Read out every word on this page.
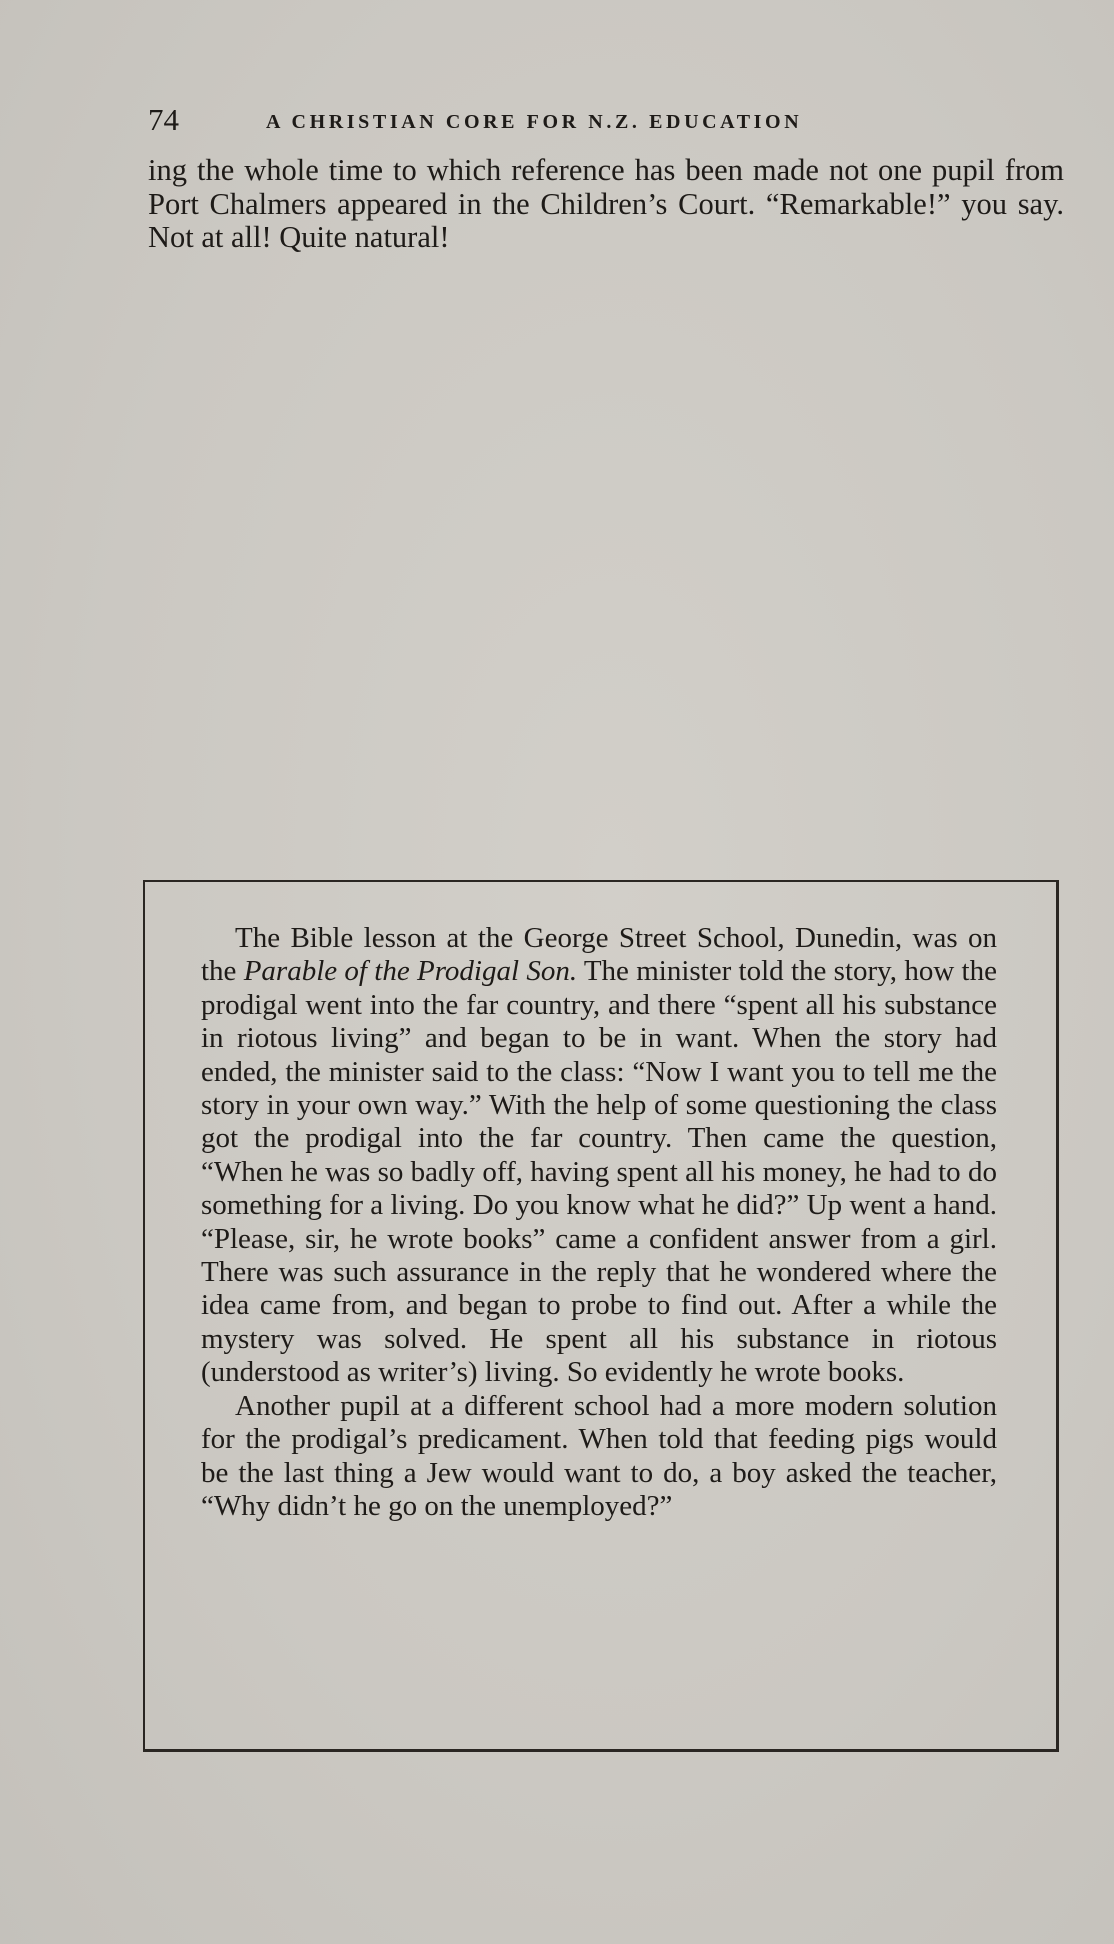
74	A CHRISTIAN CORE FOR N.Z. EDUCATION

ing the whole time to which reference has been made not one pupil from Port Chalmers appeared in the Children’s Court. “Remarkable!” you say. Not at all! Quite natural!

The Bible lesson at the George Street School, Dunedin, was on the Parable of the Prodigal Son. The minister told the story, how the prodigal went into the far country, and there “spent all his substance in riotous living” and began to be in want. When the story had ended, the minister said to the class: “Now I want you to tell me the story in your own way.” With the help of some questioning the class got the prodigal into the far country. Then came the question, “When he was so badly off, having spent all his money, he had to do something for a living. Do you know what he did?” Up went a hand. “Please, sir, he wrote books” came a confident answer from a girl. There was such assurance in the reply that he wondered where the idea came from, and began to probe to find out. After a while the mystery was solved. He spent all his substance in riotous (understood as writer’s) living. So evidently he wrote books.

Another pupil at a different school had a more modern solution for the prodigal’s predicament. When told that feeding pigs would be the last thing a Jew would want to do, a boy asked the teacher, “Why didn’t he go on the unemployed?”
